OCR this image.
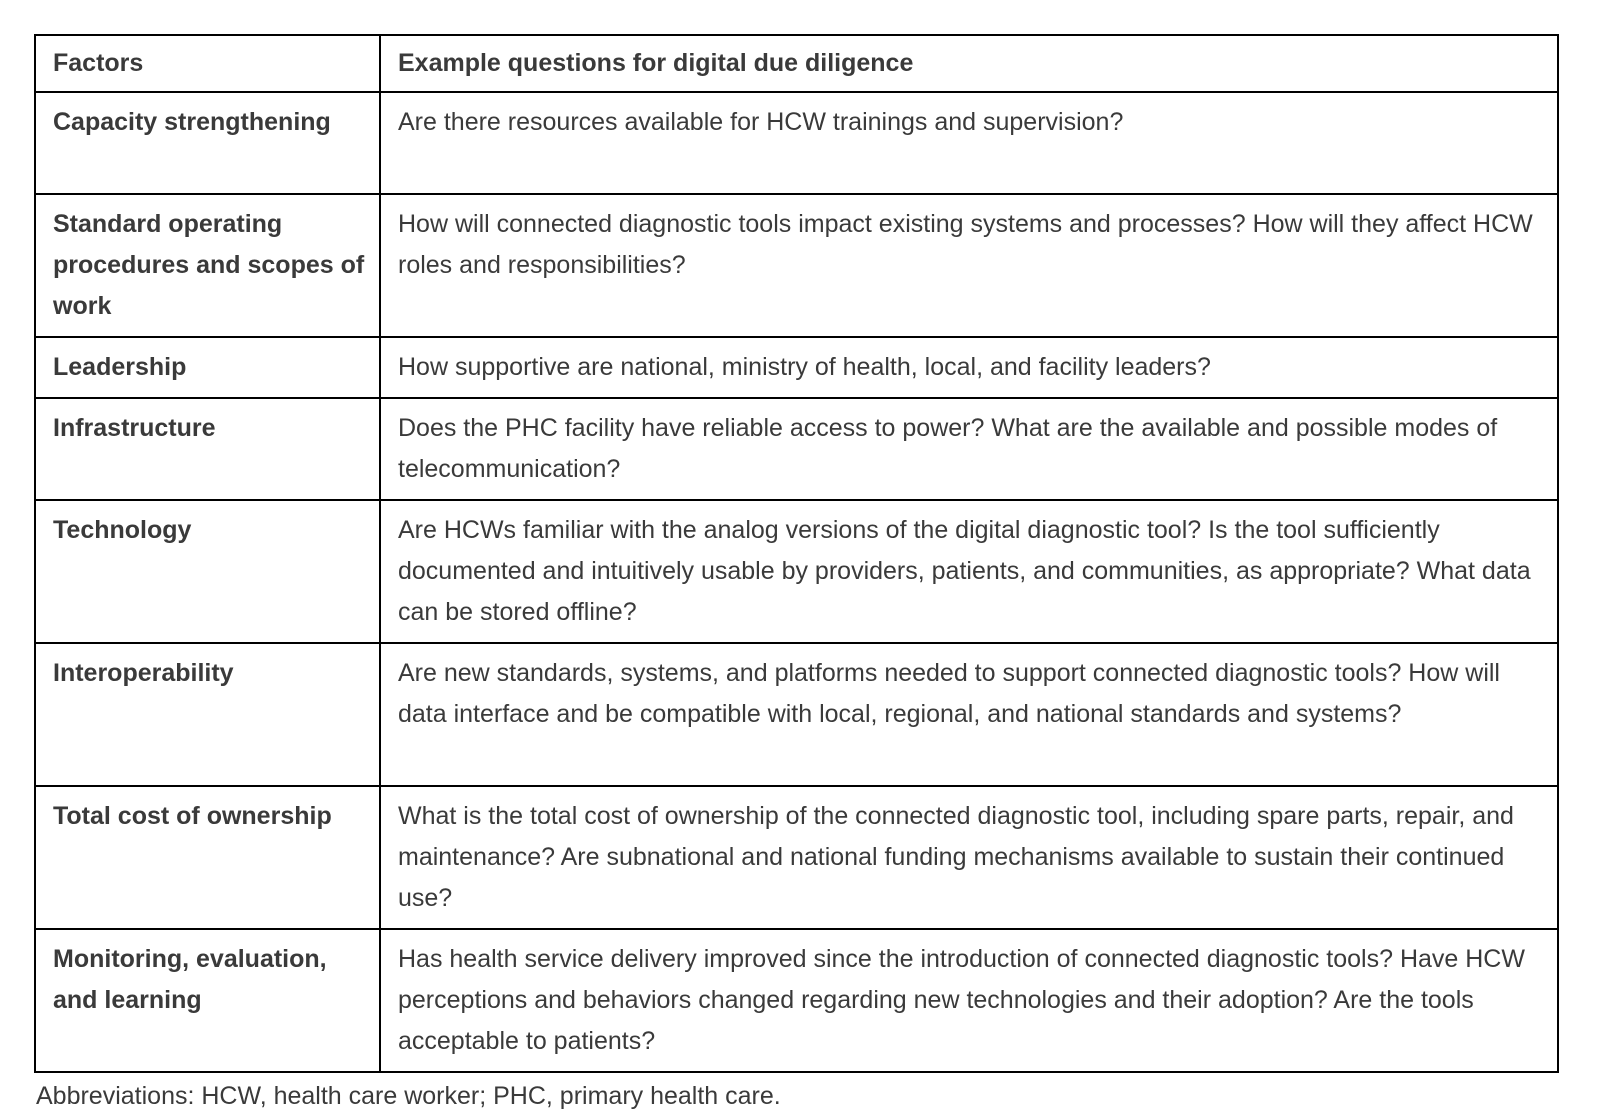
Factors	Example questions for digital due diligence
Capacity strengthening	Are there resources available for HCW trainings and supervision?
Standard operating procedures and scopes of work	How will connected diagnostic tools impact existing systems and processes? How will they affect HCW roles and responsibilities?
Leadership	How supportive are national, ministry of health, local, and facility leaders?
Infrastructure	Does the PHC facility have reliable access to power? What are the available and possible modes of telecommunication?
Technology	Are HCWs familiar with the analog versions of the digital diagnostic tool? Is the tool sufficiently documented and intuitively usable by providers, patients, and communities, as appropriate? What data can be stored offline?
Interoperability	Are new standards, systems, and platforms needed to support connected diagnostic tools? How will data interface and be compatible with local, regional, and national standards and systems?
Total cost of ownership	What is the total cost of ownership of the connected diagnostic tool, including spare parts, repair, and maintenance? Are subnational and national funding mechanisms available to sustain their continued use?
Monitoring, evaluation, and learning	Has health service delivery improved since the introduction of connected diagnostic tools? Have HCW perceptions and behaviors changed regarding new technologies and their adoption? Are the tools acceptable to patients?

Abbreviations: HCW, health care worker; PHC, primary health care.
